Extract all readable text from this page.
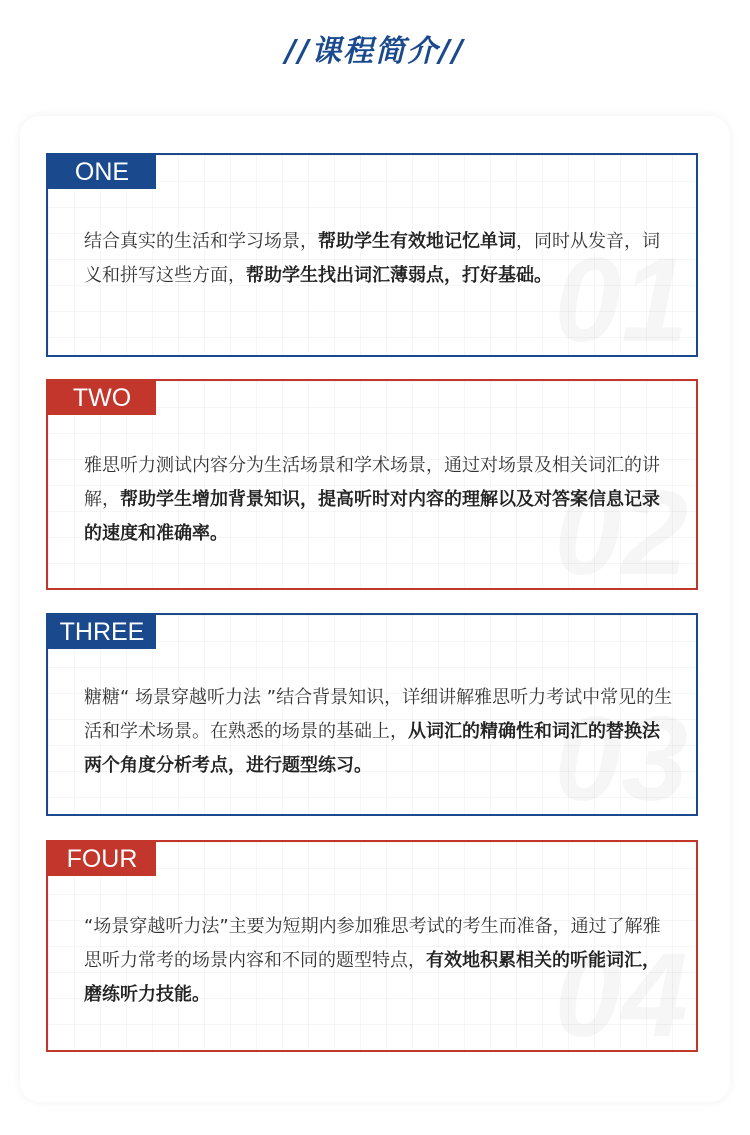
//课程简介//
ONE
结合真实的生活和学习场景，帮助学生有效地记忆单词，同时从发音，词义和拼写这些方面，帮助学生找出词汇薄弱点，打好基础。
TWO
雅思听力测试内容分为生活场景和学术场景，通过对场景及相关词汇的讲解，帮助学生增加背景知识，提高听时对内容的理解以及对答案信息记录的速度和准确率。
THREE
糖糖“ 场景穿越听力法 ”结合背景知识，详细讲解雅思听力考试中常见的生活和学术场景。在熟悉的场景的基础上，从词汇的精确性和词汇的替换法两个角度分析考点，进行题型练习。
FOUR
“场景穿越听力法”主要为短期内参加雅思考试的考生而准备，通过了解雅思听力常考的场景内容和不同的题型特点，有效地积累相关的听能词汇，磨练听力技能。
